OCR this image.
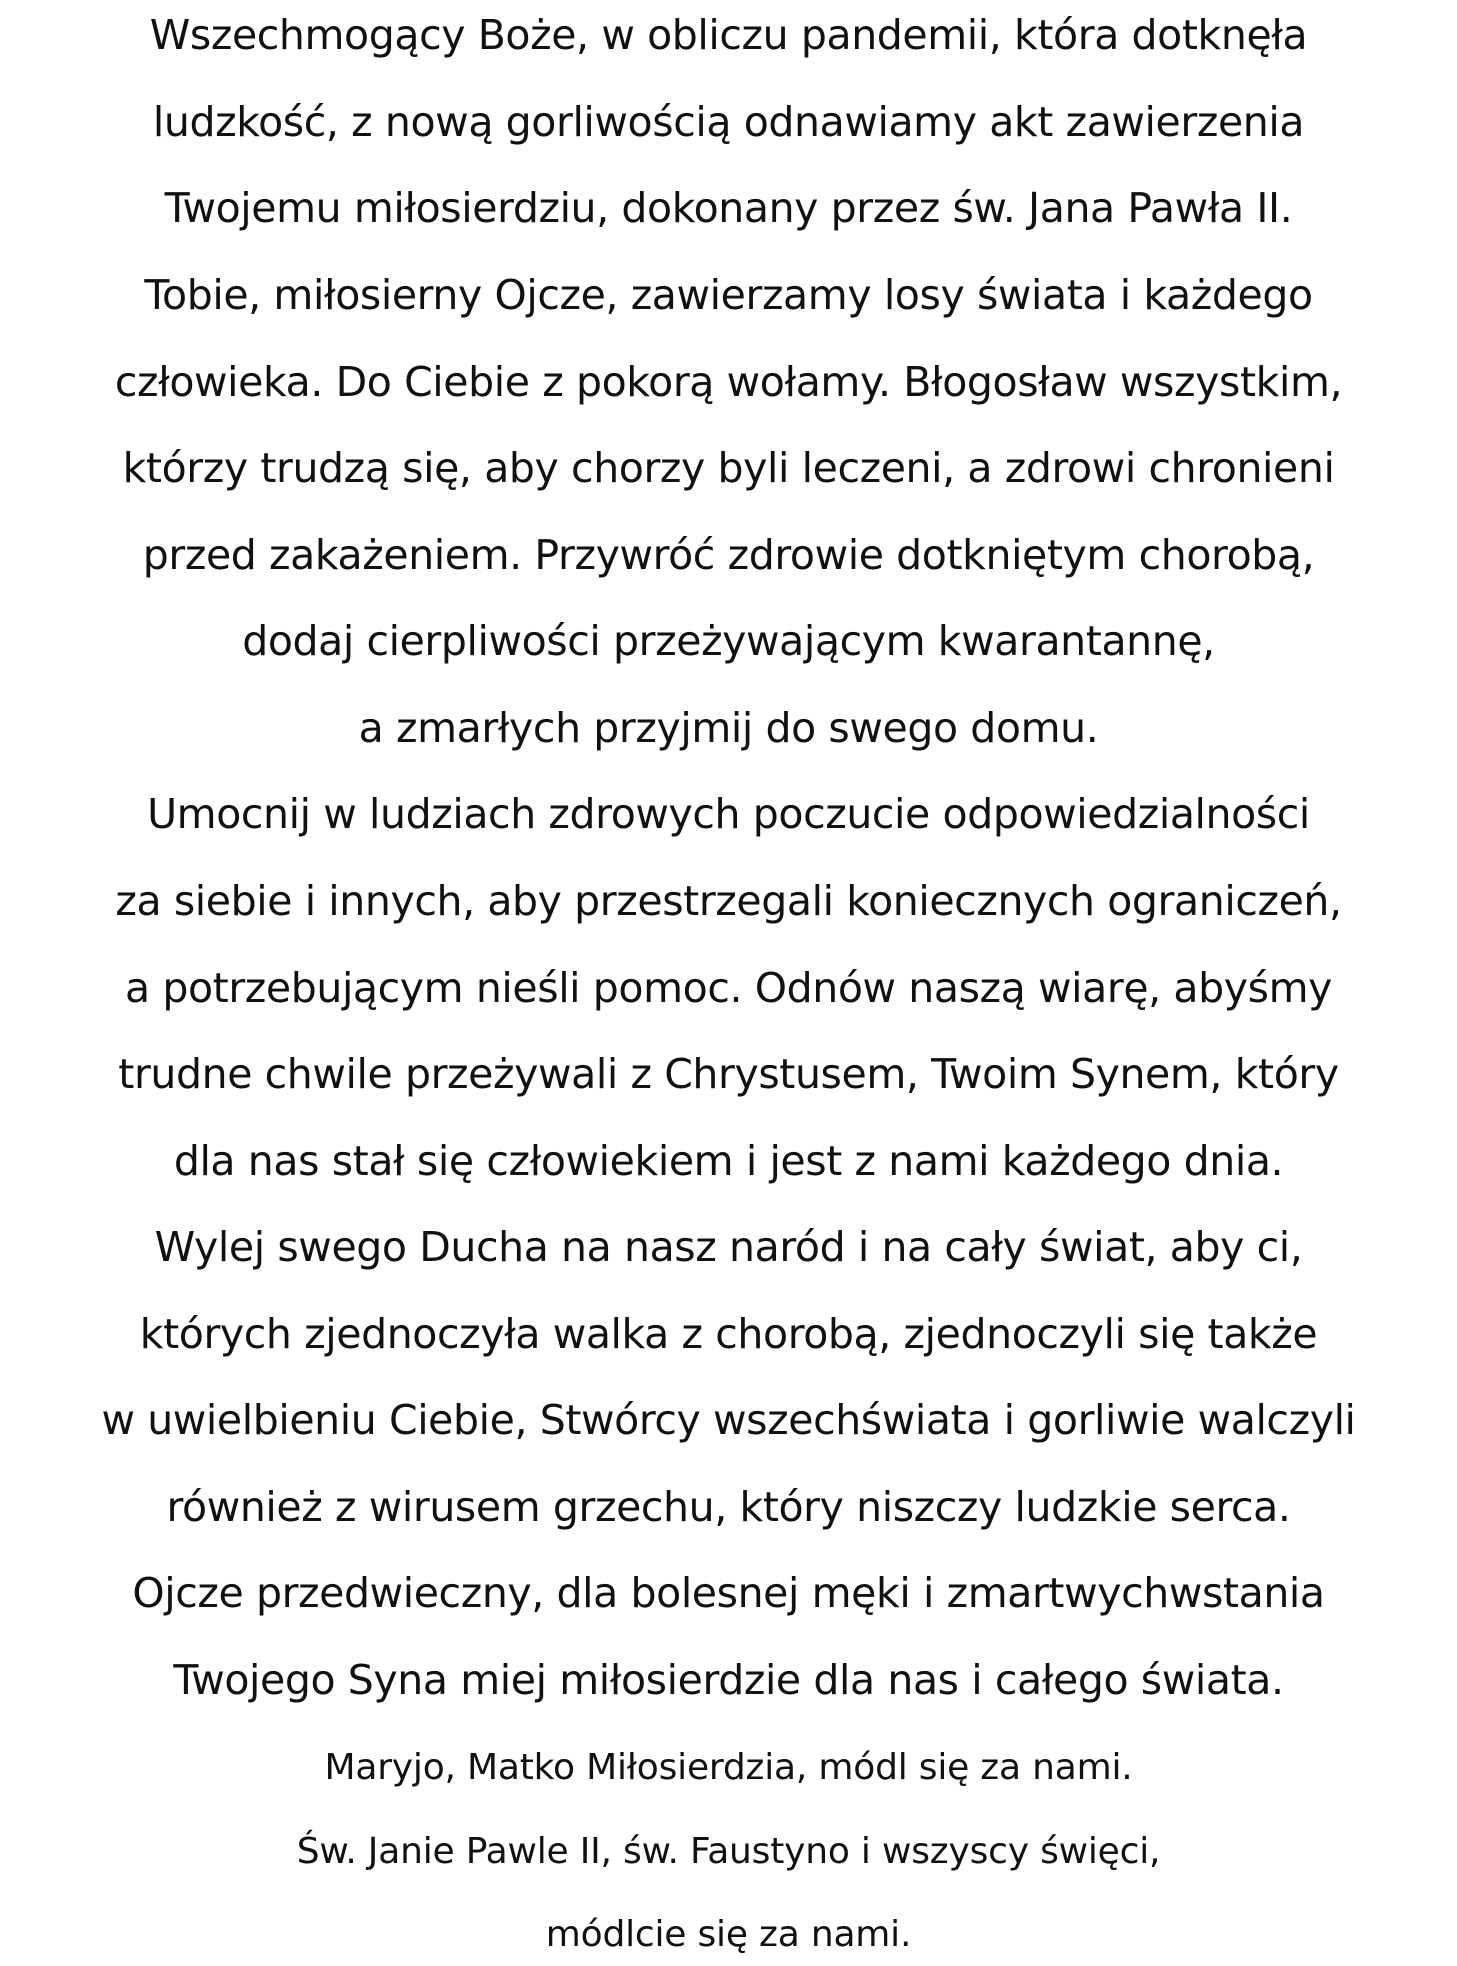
Wszechmogący Boże, w obliczu pandemii, która dotknęła
ludzkość, z nową gorliwością odnawiamy akt zawierzenia
Twojemu miłosierdziu, dokonany przez św. Jana Pawła II.
Tobie, miłosierny Ojcze, zawierzamy losy świata i każdego
człowieka. Do Ciebie z pokorą wołamy. Błogosław wszystkim,
którzy trudzą się, aby chorzy byli leczeni, a zdrowi chronieni
przed zakażeniem. Przywróć zdrowie dotkniętym chorobą,
dodaj cierpliwości przeżywającym kwarantannę,
a zmarłych przyjmij do swego domu.
Umocnij w ludziach zdrowych poczucie odpowiedzialności
za siebie i innych, aby przestrzegali koniecznych ograniczeń,
a potrzebującym nieśli pomoc. Odnów naszą wiarę, abyśmy
trudne chwile przeżywali z Chrystusem, Twoim Synem, który
dla nas stał się człowiekiem i jest z nami każdego dnia.
Wylej swego Ducha na nasz naród i na cały świat, aby ci,
których zjednoczyła walka z chorobą, zjednoczyli się także
w uwielbieniu Ciebie, Stwórcy wszechświata i gorliwie walczyli
również z wirusem grzechu, który niszczy ludzkie serca.
Ojcze przedwieczny, dla bolesnej męki i zmartwychwstania
Twojego Syna miej miłosierdzie dla nas i całego świata.
Maryjo, Matko Miłosierdzia, módl się za nami.
Św. Janie Pawle II, św. Faustyno i wszyscy święci,
módlcie się za nami.
